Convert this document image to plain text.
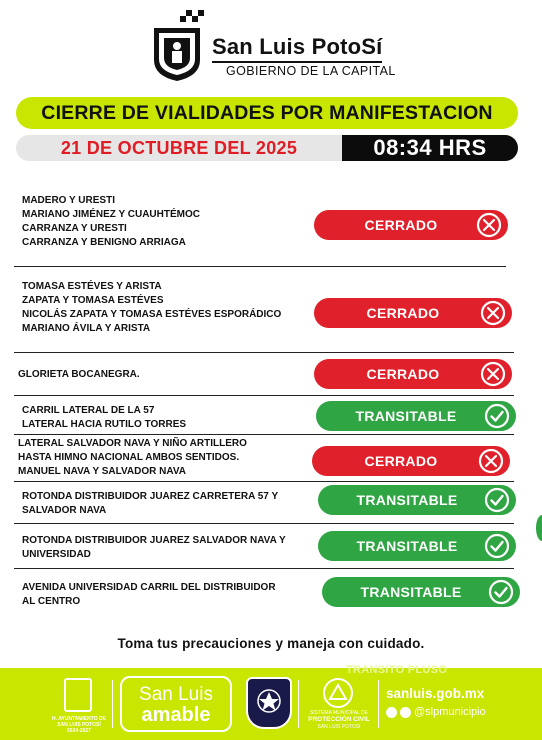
San Luis PotoSí
GOBIERNO DE LA CAPITAL
CIERRE DE VIALIDADES POR MANIFESTACION
21 DE OCTUBRE DEL 2025	08:34 HRS
MADERO Y URESTI
MARIANO JIMÉNEZ Y CUAUHTÉMOC
CARRANZA Y URESTI
CARRANZA Y BENIGNO ARRIAGA
CERRADO
TOMASA ESTÉVES Y ARISTA
ZAPATA Y TOMASA ESTÉVES
NICOLÁS ZAPATA Y TOMASA ESTÉVES ESPORÁDICO
MARIANO ÁVILA Y ARISTA
CERRADO
GLORIETA BOCANEGRA.	CERRADO
CARRIL LATERAL DE LA 57
LATERAL HACIA RUTILO TORRES
TRANSITABLE
LATERAL SALVADOR NAVA Y NIÑO ARTILLERO
HASTA HIMNO NACIONAL AMBOS SENTIDOS.
MANUEL NAVA Y SALVADOR NAVA
CERRADO
ROTONDA DISTRIBUIDOR JUAREZ CARRETERA 57 Y
SALVADOR NAVA
TRANSITABLE
ROTONDA DISTRIBUIDOR JUAREZ SALVADOR NAVA Y
UNIVERSIDAD
TRANSITABLE
AVENIDA UNIVERSIDAD CARRIL DEL DISTRIBUIDOR
AL CENTRO
TRANSITABLE
Toma tus precauciones y maneja con cuidado.
TRANSITO PLUSO
H. AYUNTAMIENTO DE SAN LUIS POTOSÍ 2024-2027
San Luis
amable	SISTEMA MUNICIPAL DE
PROTECCIÓN CIVIL
SAN LUIS POTOSÍ
sanluis.gob.mx
@slpmunicipio
